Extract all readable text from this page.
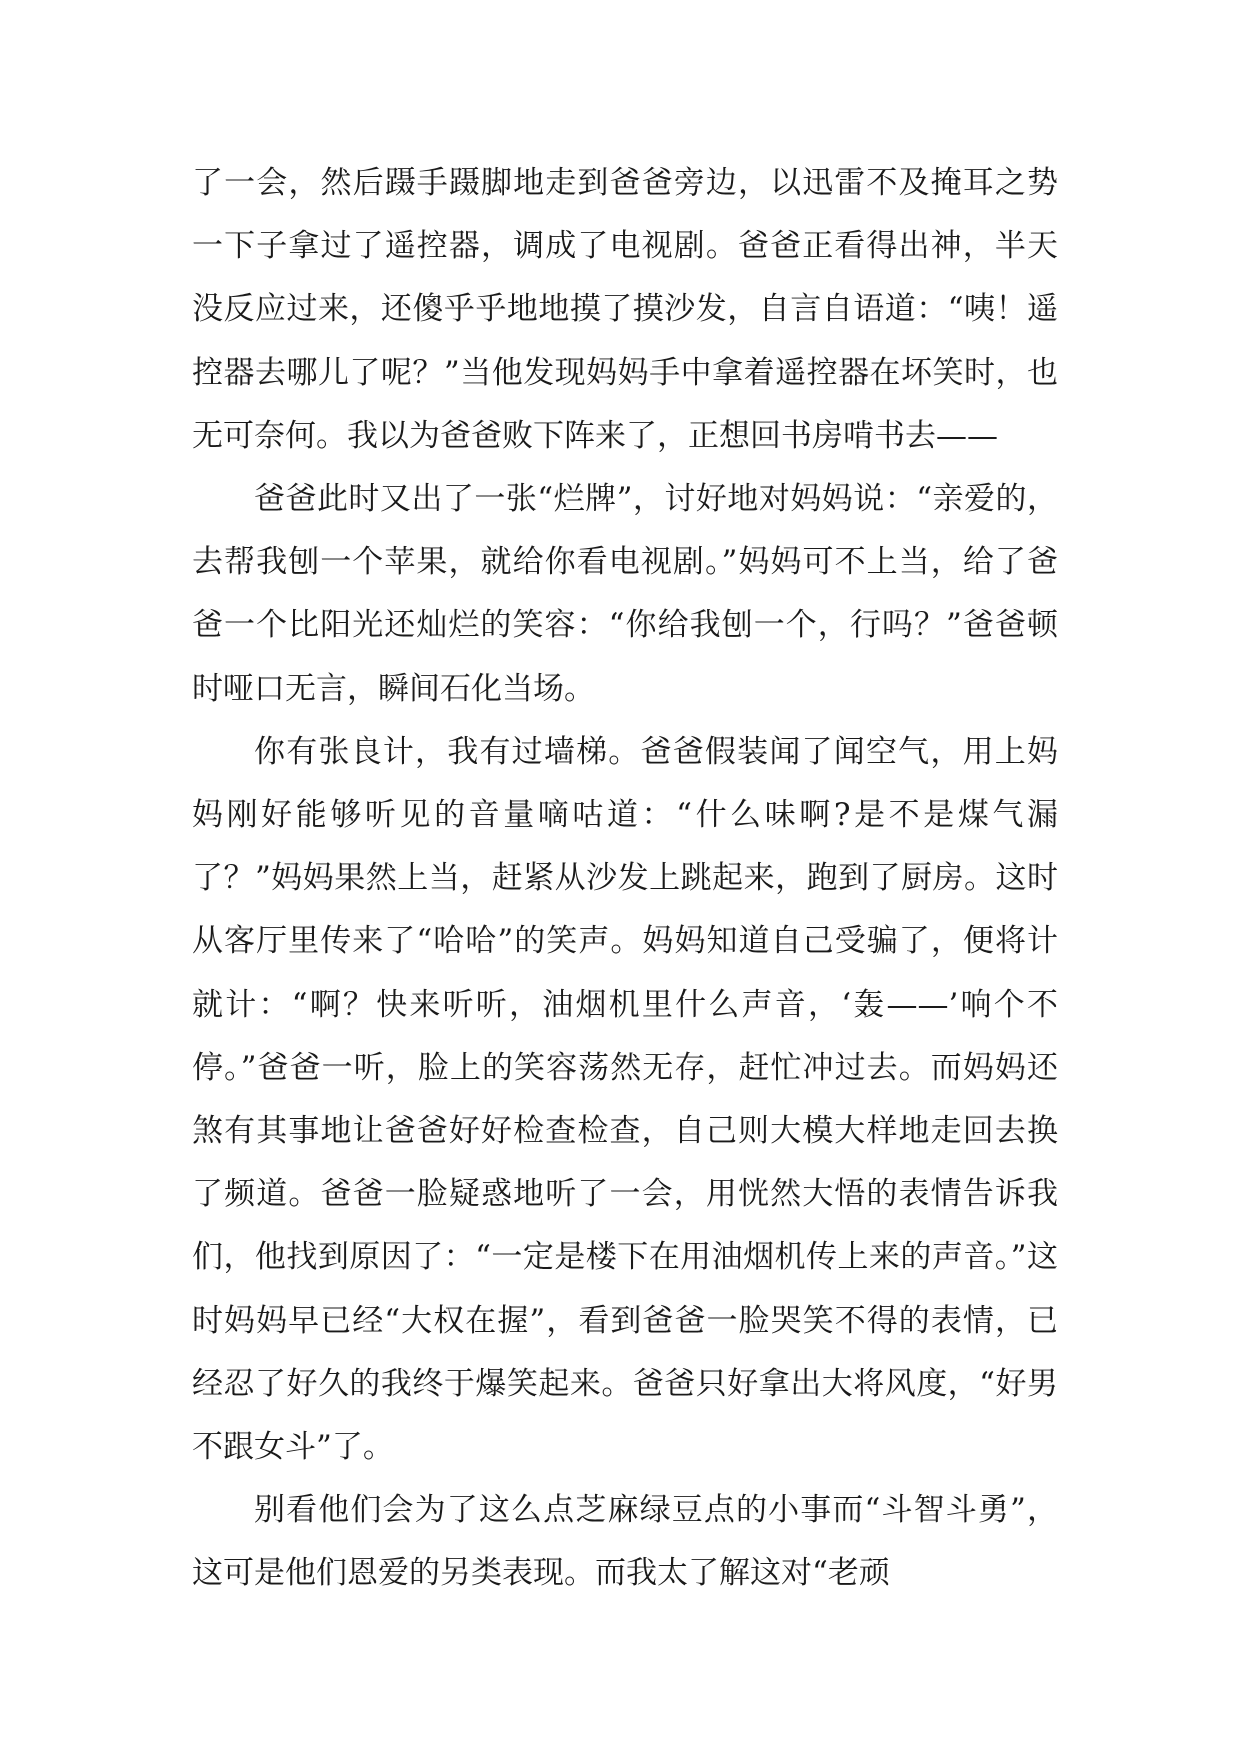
了一会，然后蹑手蹑脚地走到爸爸旁边，以迅雷不及掩耳之势一下子拿过了遥控器，调成了电视剧。爸爸正看得出神，半天没反应过来，还傻乎乎地地摸了摸沙发，自言自语道：“咦！遥控器去哪儿了呢？”当他发现妈妈手中拿着遥控器在坏笑时，也无可奈何。我以为爸爸败下阵来了，正想回书房啃书去——

爸爸此时又出了一张“烂牌”，讨好地对妈妈说：“亲爱的，去帮我刨一个苹果，就给你看电视剧。”妈妈可不上当，给了爸爸一个比阳光还灿烂的笑容：“你给我刨一个，行吗？”爸爸顿时哑口无言，瞬间石化当场。

你有张良计，我有过墙梯。爸爸假装闻了闻空气，用上妈妈刚好能够听见的音量嘀咕道：“什么味啊?是不是煤气漏了？”妈妈果然上当，赶紧从沙发上跳起来，跑到了厨房。这时从客厅里传来了“哈哈”的笑声。妈妈知道自己受骗了，便将计就计：“啊？快来听听，油烟机里什么声音，‘轰——’响个不停。”爸爸一听，脸上的笑容荡然无存，赶忙冲过去。而妈妈还煞有其事地让爸爸好好检查检查，自己则大模大样地走回去换了频道。爸爸一脸疑惑地听了一会，用恍然大悟的表情告诉我们，他找到原因了：“一定是楼下在用油烟机传上来的声音。”这时妈妈早已经“大权在握”，看到爸爸一脸哭笑不得的表情，已经忍了好久的我终于爆笑起来。爸爸只好拿出大将风度，“好男不跟女斗”了。

别看他们会为了这么点芝麻绿豆点的小事而“斗智斗勇”，这可是他们恩爱的另类表现。而我太了解这对“老顽
